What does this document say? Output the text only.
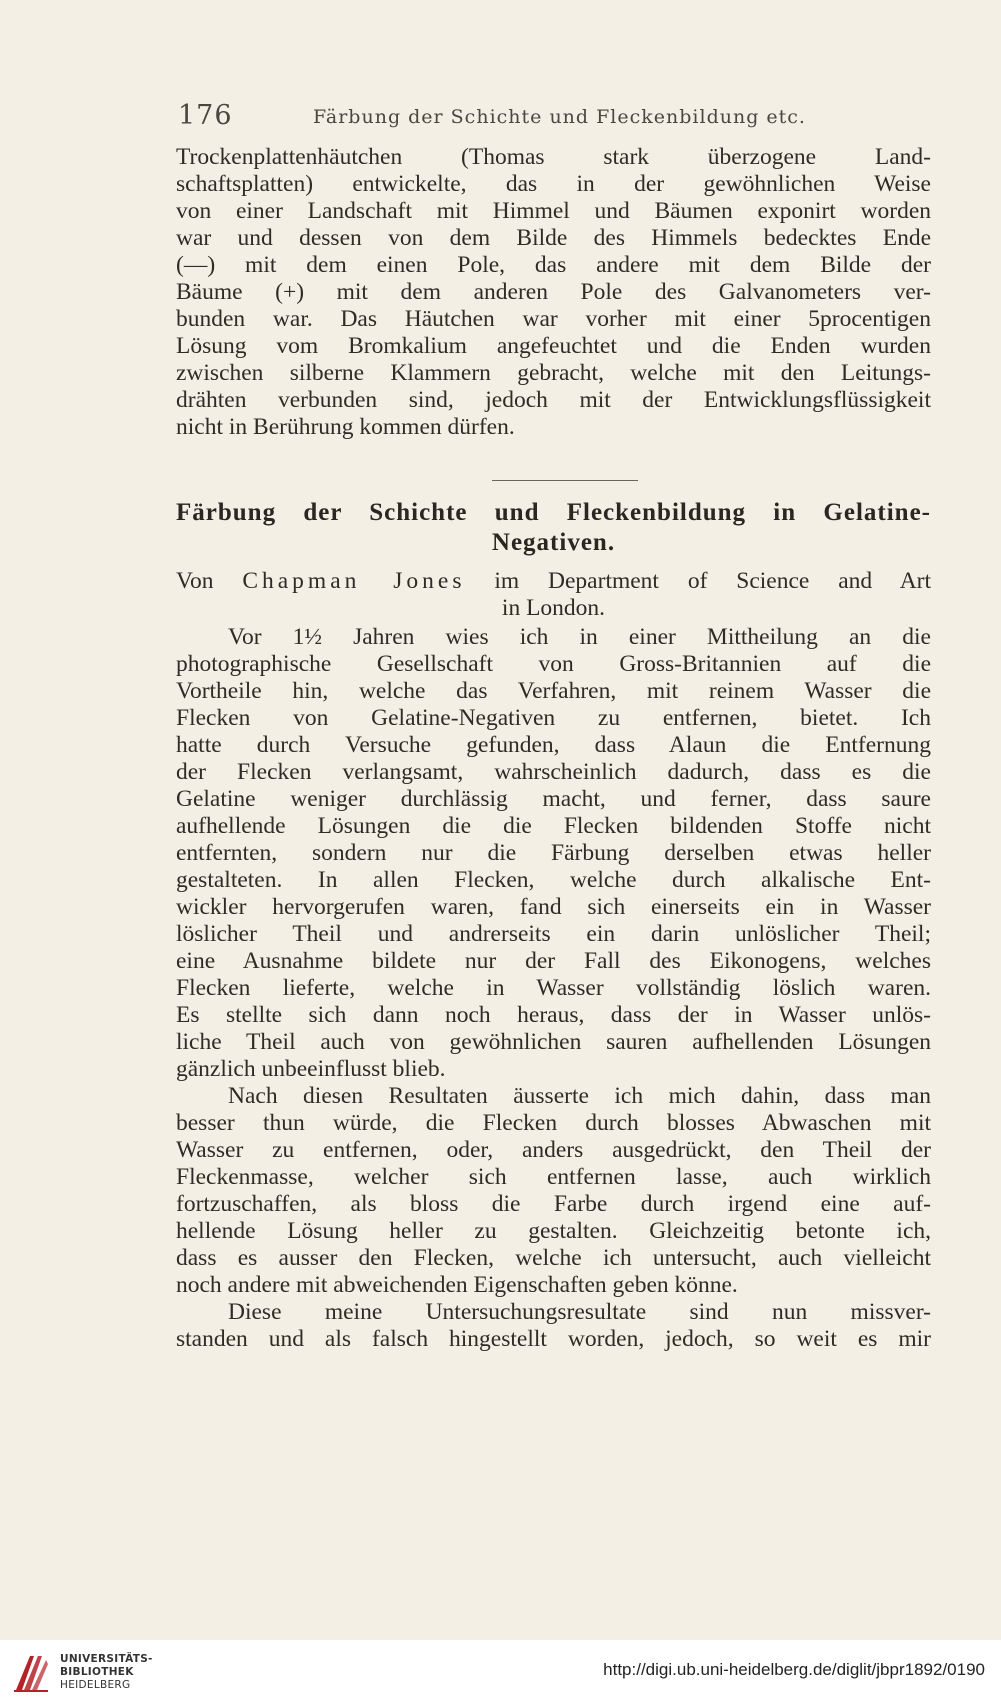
176	Färbung der Schichte und Fleckenbildung etc.
Trockenplattenhäutchen (Thomas stark überzogene Land-
schaftsplatten) entwickelte, das in der gewöhnlichen Weise
von einer Landschaft mit Himmel und Bäumen exponirt worden
war und dessen von dem Bilde des Himmels bedecktes Ende
(—) mit dem einen Pole, das andere mit dem Bilde der
Bäume (+) mit dem anderen Pole des Galvanometers ver-
bunden war. Das Häutchen war vorher mit einer 5procentigen
Lösung vom Bromkalium angefeuchtet und die Enden wurden
zwischen silberne Klammern gebracht, welche mit den Leitungs-
drähten verbunden sind, jedoch mit der Entwicklungsflüssigkeit
nicht in Berührung kommen dürfen.
Färbung der Schichte und Fleckenbildung in Gelatine-
Negativen.
Von Chapman Jones im Department of Science and Art
in London.
Vor 1½ Jahren wies ich in einer Mittheilung an die
photographische Gesellschaft von Gross-Britannien auf die
Vortheile hin, welche das Verfahren, mit reinem Wasser die
Flecken von Gelatine-Negativen zu entfernen, bietet. Ich
hatte durch Versuche gefunden, dass Alaun die Entfernung
der Flecken verlangsamt, wahrscheinlich dadurch, dass es die
Gelatine weniger durchlässig macht, und ferner, dass saure
aufhellende Lösungen die die Flecken bildenden Stoffe nicht
entfernten, sondern nur die Färbung derselben etwas heller
gestalteten. In allen Flecken, welche durch alkalische Ent-
wickler hervorgerufen waren, fand sich einerseits ein in Wasser
löslicher Theil und andrerseits ein darin unlöslicher Theil;
eine Ausnahme bildete nur der Fall des Eikonogens, welches
Flecken lieferte, welche in Wasser vollständig löslich waren.
Es stellte sich dann noch heraus, dass der in Wasser unlös-
liche Theil auch von gewöhnlichen sauren aufhellenden Lösungen
gänzlich unbeeinflusst blieb.
Nach diesen Resultaten äusserte ich mich dahin, dass man
besser thun würde, die Flecken durch blosses Abwaschen mit
Wasser zu entfernen, oder, anders ausgedrückt, den Theil der
Fleckenmasse, welcher sich entfernen lasse, auch wirklich
fortzuschaffen, als bloss die Farbe durch irgend eine auf-
hellende Lösung heller zu gestalten. Gleichzeitig betonte ich,
dass es ausser den Flecken, welche ich untersucht, auch vielleicht
noch andere mit abweichenden Eigenschaften geben könne.
Diese meine Untersuchungsresultate sind nun missver-
standen und als falsch hingestellt worden, jedoch, so weit es mir
UNIVERSITÄTS-
BIBLIOTHEK
HEIDELBERG
http://digi.ub.uni-heidelberg.de/diglit/jbpr1892/0190
